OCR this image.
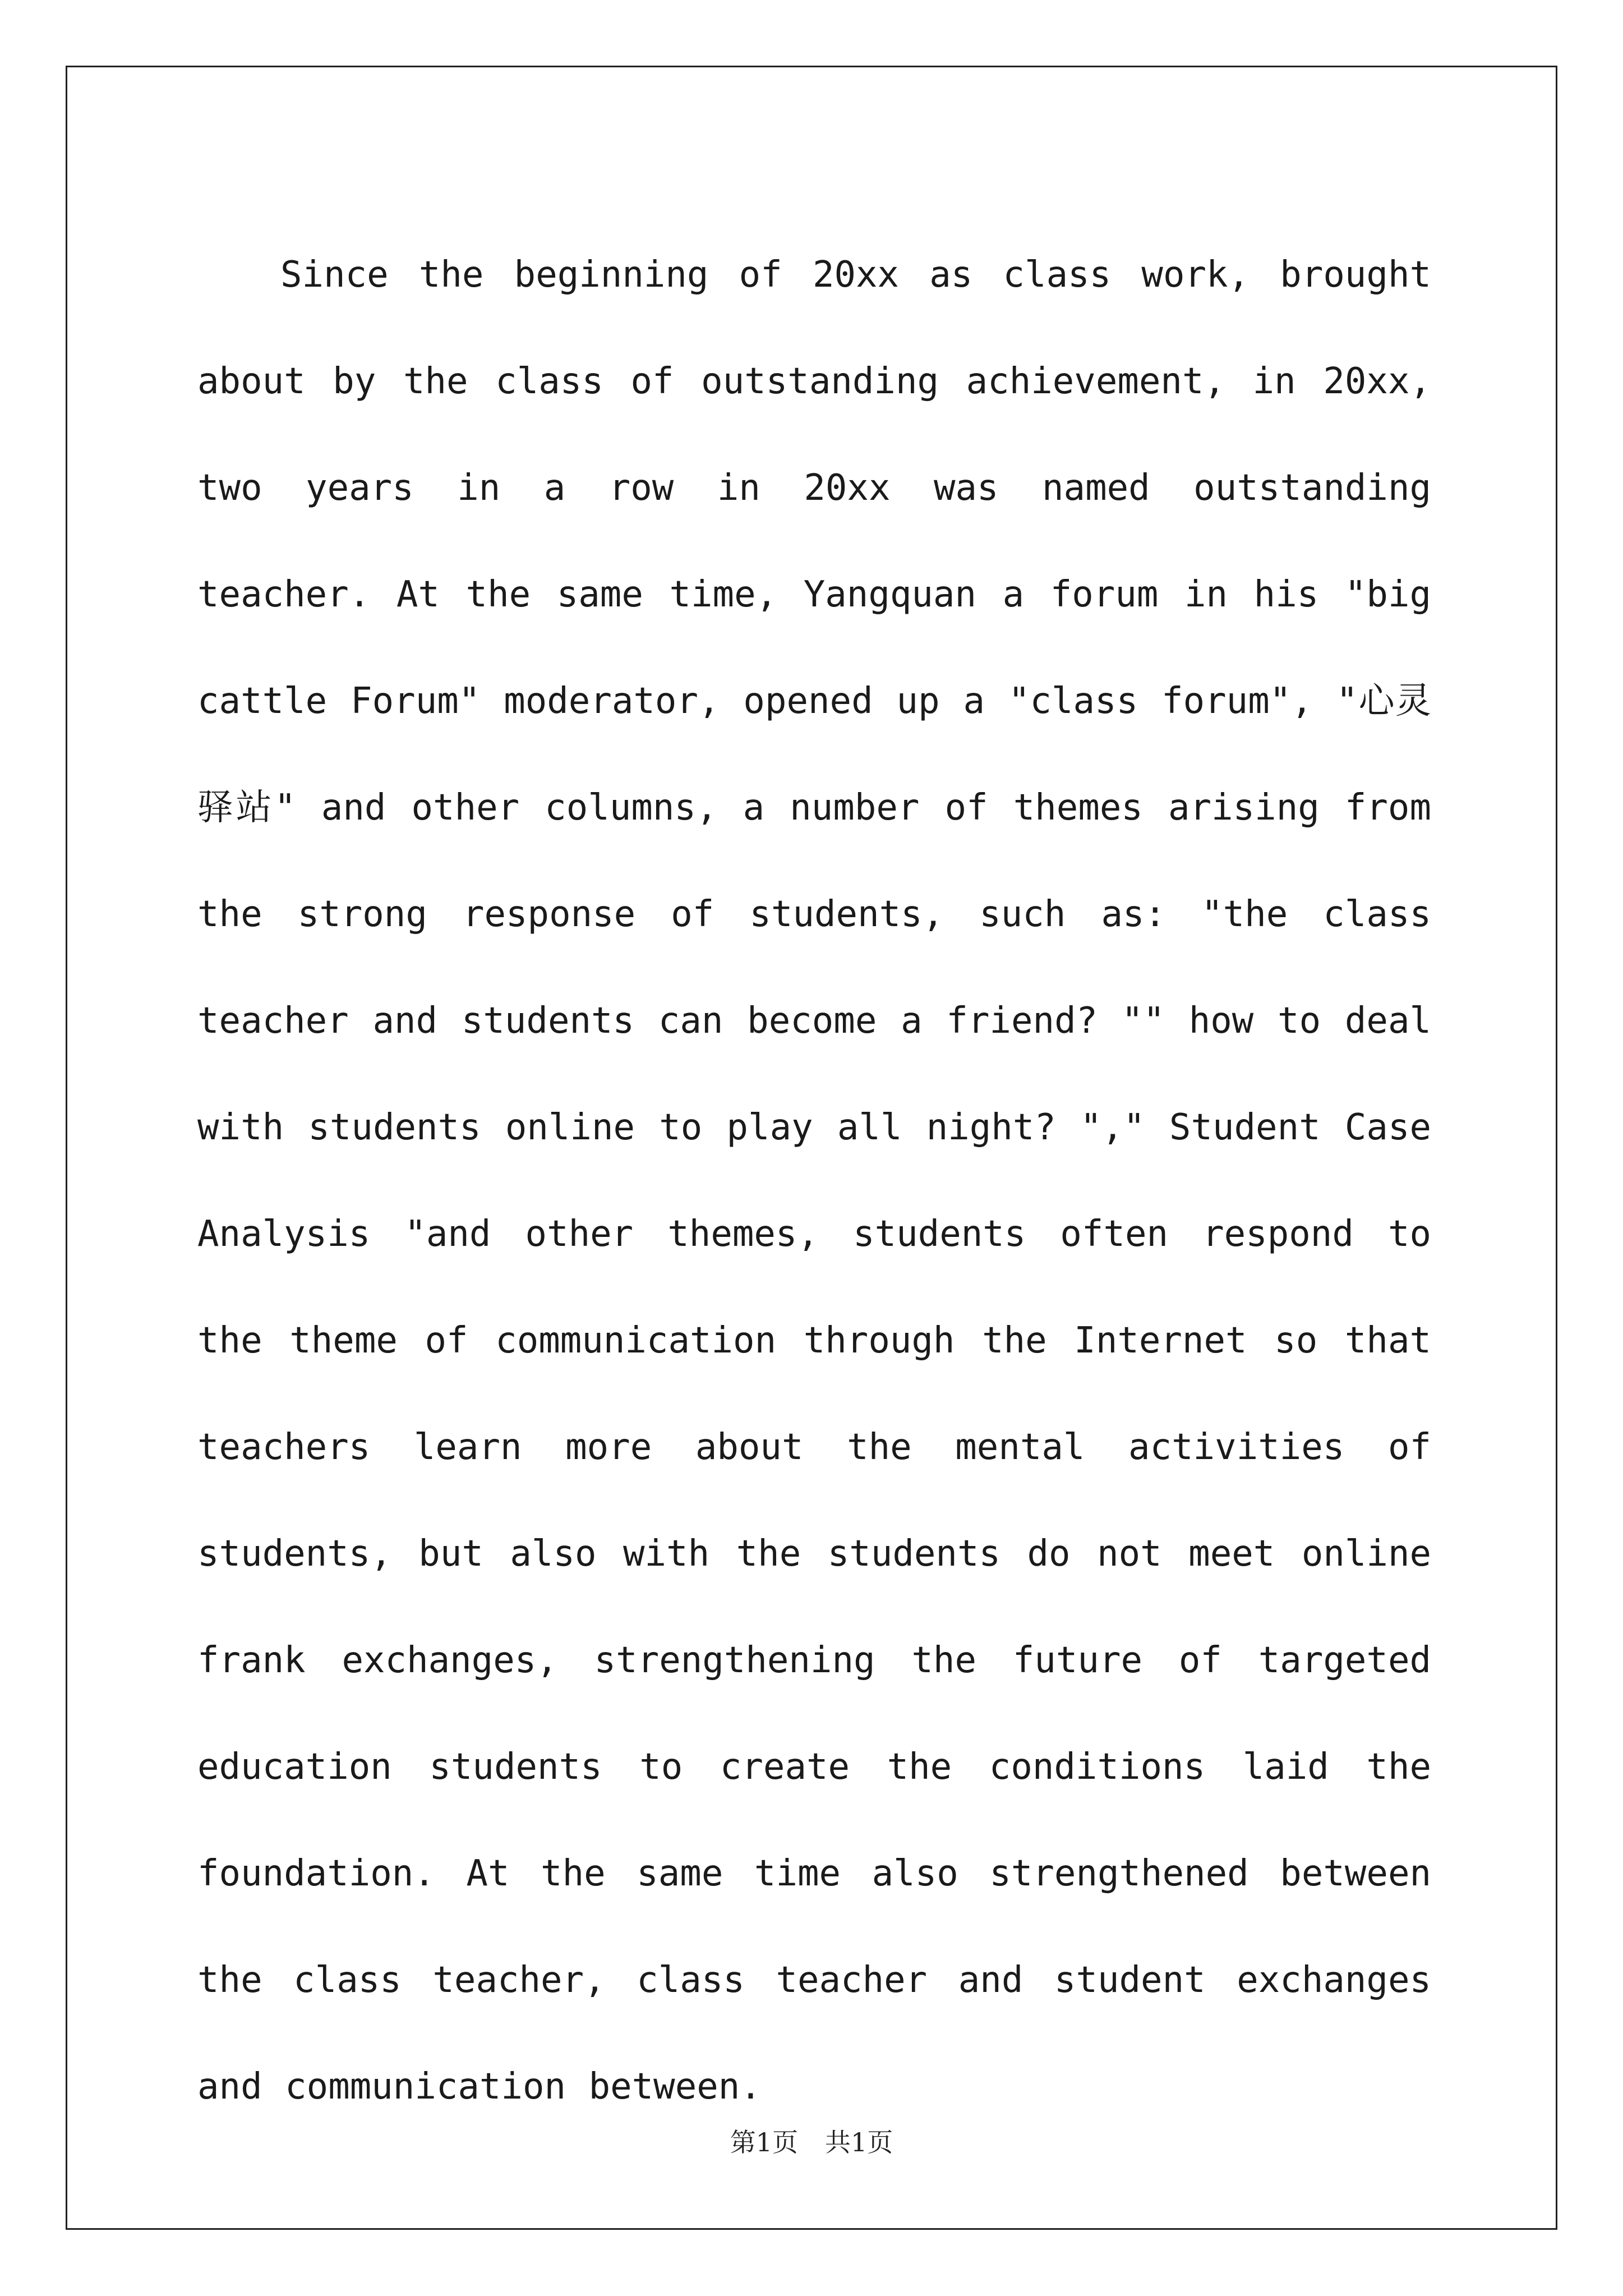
Since the beginning of 20xx as class work, brought about by the class of outstanding achievement, in 20xx, two years in a row in 20xx was named outstanding teacher. At the same time, Yangquan a forum in his "big cattle Forum" moderator, opened up a "class forum", "心灵驿站" and other columns, a number of themes arising from the strong response of students, such as: "the class teacher and students can become a friend? "" how to deal with students online to play all night? "," Student Case Analysis "and other themes, students often respond to the theme of communication through the Internet so that teachers learn more about the mental activities of students, but also with the students do not meet online frank exchanges, strengthening the future of targeted education students to create the conditions laid the foundation. At the same time also strengthened between the class teacher, class teacher and student exchanges and communication between.

第1页 共1页
